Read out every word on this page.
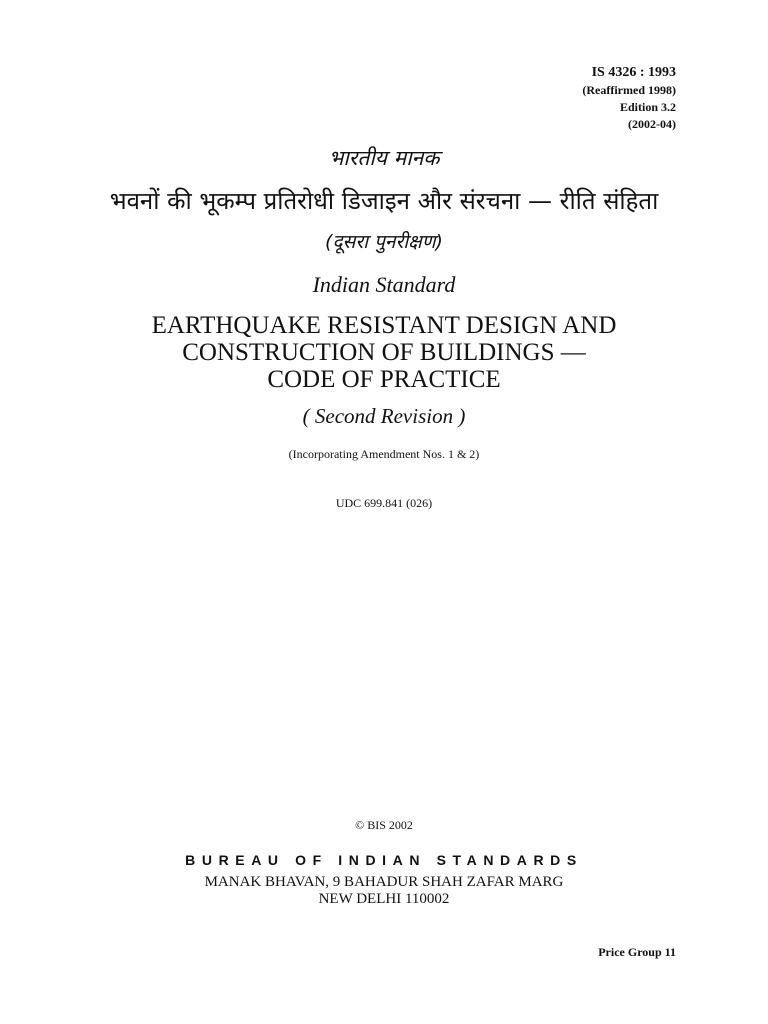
IS 4326 : 1993
(Reaffirmed 1998)
Edition 3.2
(2002-04)
भारतीय मानक
भवनों की भूकम्प प्रतिरोधी डिजाइन और संरचना — रीति संहिता
(दूसरा पुनरीक्षण)
Indian Standard
EARTHQUAKE RESISTANT DESIGN AND
CONSTRUCTION OF BUILDINGS —
CODE OF PRACTICE
( Second Revision )
(Incorporating Amendment Nos. 1 & 2)
UDC 699.841 (026)
© BIS 2002
BUREAU OF INDIAN STANDARDS
MANAK BHAVAN, 9 BAHADUR SHAH ZAFAR MARG
NEW DELHI 110002
Price Group 11
